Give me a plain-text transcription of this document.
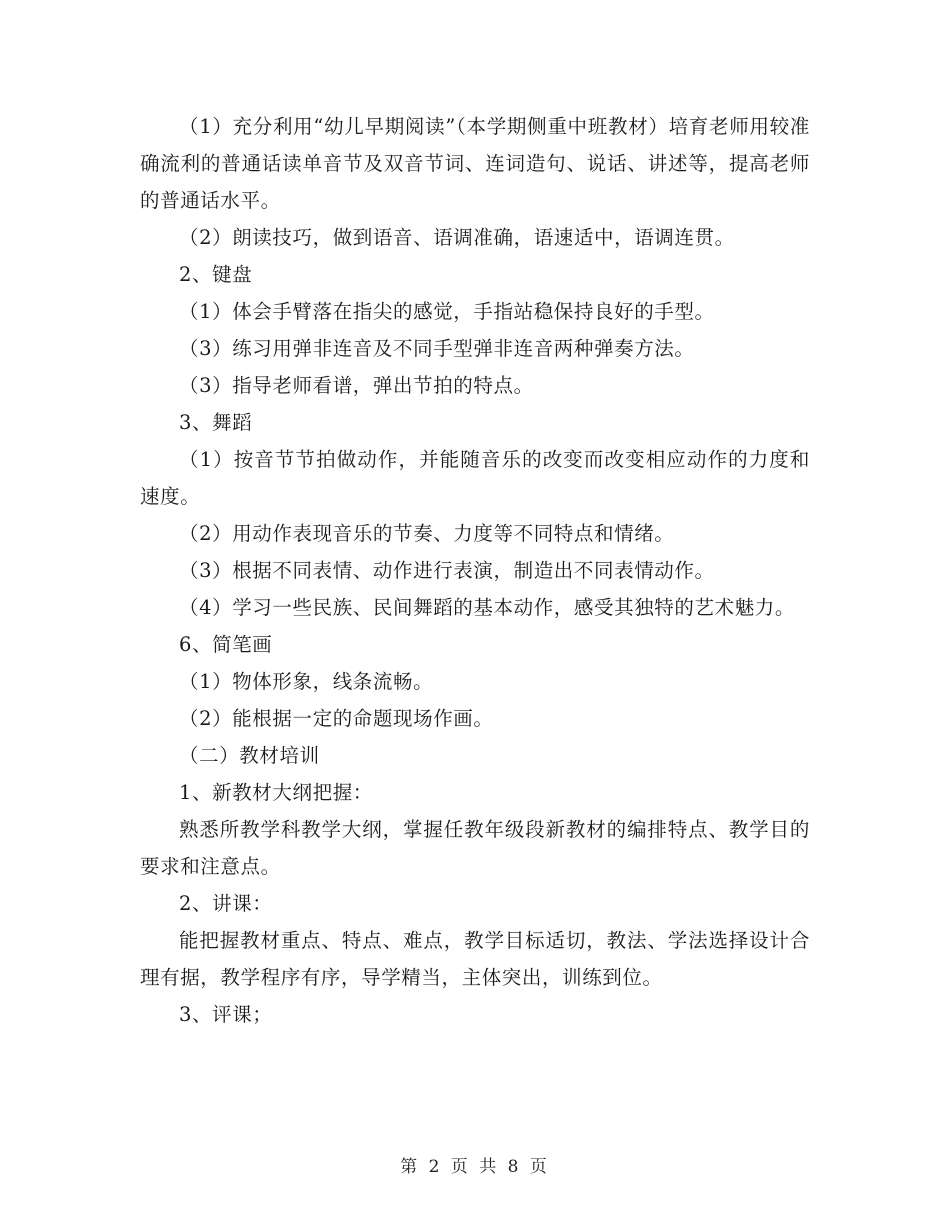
（1）充分利用“幼儿早期阅读”（本学期侧重中班教材）培育老师用较准确流利的普通话读单音节及双音节词、连词造句、说话、讲述等，提高老师的普通话水平。

（2）朗读技巧，做到语音、语调准确，语速适中，语调连贯。

2、键盘

（1）体会手臂落在指尖的感觉，手指站稳保持良好的手型。

（3）练习用弹非连音及不同手型弹非连音两种弹奏方法。

（3）指导老师看谱，弹出节拍的特点。

3、舞蹈

（1）按音节节拍做动作，并能随音乐的改变而改变相应动作的力度和速度。

（2）用动作表现音乐的节奏、力度等不同特点和情绪。

（3）根据不同表情、动作进行表演，制造出不同表情动作。

（4）学习一些民族、民间舞蹈的基本动作，感受其独特的艺术魅力。

6、简笔画

（1）物体形象，线条流畅。

（2）能根据一定的命题现场作画。

（二）教材培训

1、新教材大纲把握：

熟悉所教学科教学大纲，掌握任教年级段新教材的编排特点、教学目的要求和注意点。

2、讲课：

能把握教材重点、特点、难点，教学目标适切，教法、学法选择设计合理有据，教学程序有序，导学精当，主体突出，训练到位。

3、评课；

第 2 页 共 8 页
